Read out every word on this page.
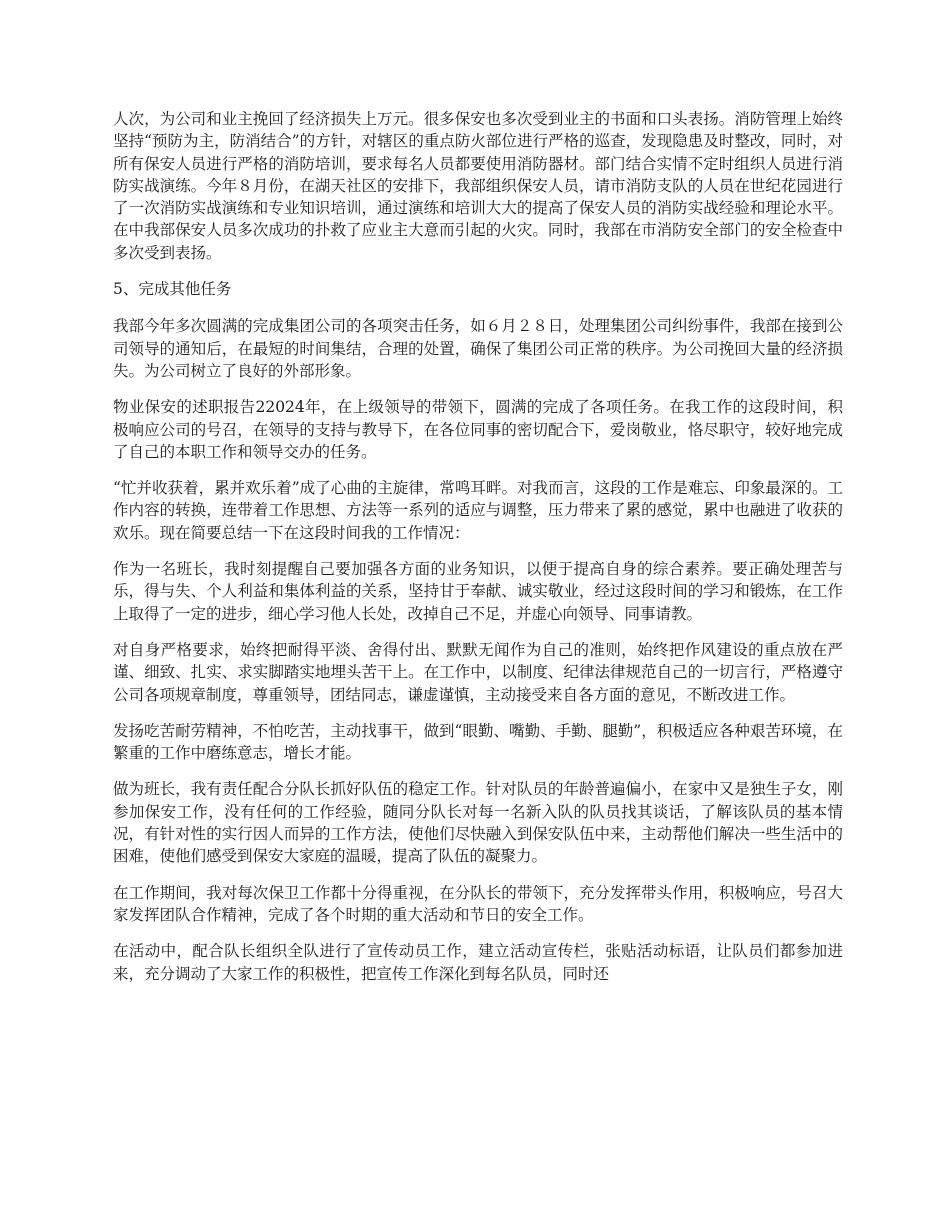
人次，为公司和业主挽回了经济损失上万元。很多保安也多次受到业主的书面和口头表扬。消防管理上始终坚持“预防为主，防消结合”的方针，对辖区的重点防火部位进行严格的巡查，发现隐患及时整改，同时，对所有保安人员进行严格的消防培训，要求每名人员都要使用消防器材。部门结合实情不定时组织人员进行消防实战演练。今年８月份，在湖天社区的安排下，我部组织保安人员，请市消防支队的人员在世纪花园进行了一次消防实战演练和专业知识培训，通过演练和培训大大的提高了保安人员的消防实战经验和理论水平。在中我部保安人员多次成功的扑救了应业主大意而引起的火灾。同时，我部在市消防安全部门的安全检查中多次受到表扬。

5、完成其他任务

我部今年多次圆满的完成集团公司的各项突击任务，如６月２８日，处理集团公司纠纷事件，我部在接到公司领导的通知后，在最短的时间集结，合理的处置，确保了集团公司正常的秩序。为公司挽回大量的经济损失。为公司树立了良好的外部形象。

物业保安的述职报告22024年，在上级领导的带领下，圆满的完成了各项任务。在我工作的这段时间，积极响应公司的号召，在领导的支持与教导下，在各位同事的密切配合下，爱岗敬业，恪尽职守，较好地完成了自己的本职工作和领导交办的任务。

“忙并收获着，累并欢乐着”成了心曲的主旋律，常鸣耳畔。对我而言，这段的工作是难忘、印象最深的。工作内容的转换，连带着工作思想、方法等一系列的适应与调整，压力带来了累的感觉，累中也融进了收获的欢乐。现在简要总结一下在这段时间我的工作情况：

作为一名班长，我时刻提醒自己要加强各方面的业务知识，以便于提高自身的综合素养。要正确处理苦与乐，得与失、个人利益和集体利益的关系，坚持甘于奉献、诚实敬业，经过这段时间的学习和锻炼，在工作上取得了一定的进步，细心学习他人长处，改掉自己不足，并虚心向领导、同事请教。

对自身严格要求，始终把耐得平淡、舍得付出、默默无闻作为自己的准则，始终把作风建设的重点放在严谨、细致、扎实、求实脚踏实地埋头苦干上。在工作中，以制度、纪律法律规范自己的一切言行，严格遵守公司各项规章制度，尊重领导，团结同志，谦虚谨慎，主动接受来自各方面的意见，不断改进工作。

发扬吃苦耐劳精神，不怕吃苦，主动找事干，做到“眼勤、嘴勤、手勤、腿勤”，积极适应各种艰苦环境，在繁重的工作中磨练意志，增长才能。

做为班长，我有责任配合分队长抓好队伍的稳定工作。针对队员的年龄普遍偏小，在家中又是独生子女，刚参加保安工作，没有任何的工作经验，随同分队长对每一名新入队的队员找其谈话，了解该队员的基本情况，有针对性的实行因人而异的工作方法，使他们尽快融入到保安队伍中来，主动帮他们解决一些生活中的困难，使他们感受到保安大家庭的温暖，提高了队伍的凝聚力。

在工作期间，我对每次保卫工作都十分得重视，在分队长的带领下，充分发挥带头作用，积极响应，号召大家发挥团队合作精神，完成了各个时期的重大活动和节日的安全工作。

在活动中，配合队长组织全队进行了宣传动员工作，建立活动宣传栏，张贴活动标语，让队员们都参加进来，充分调动了大家工作的积极性，把宣传工作深化到每名队员，同时还
